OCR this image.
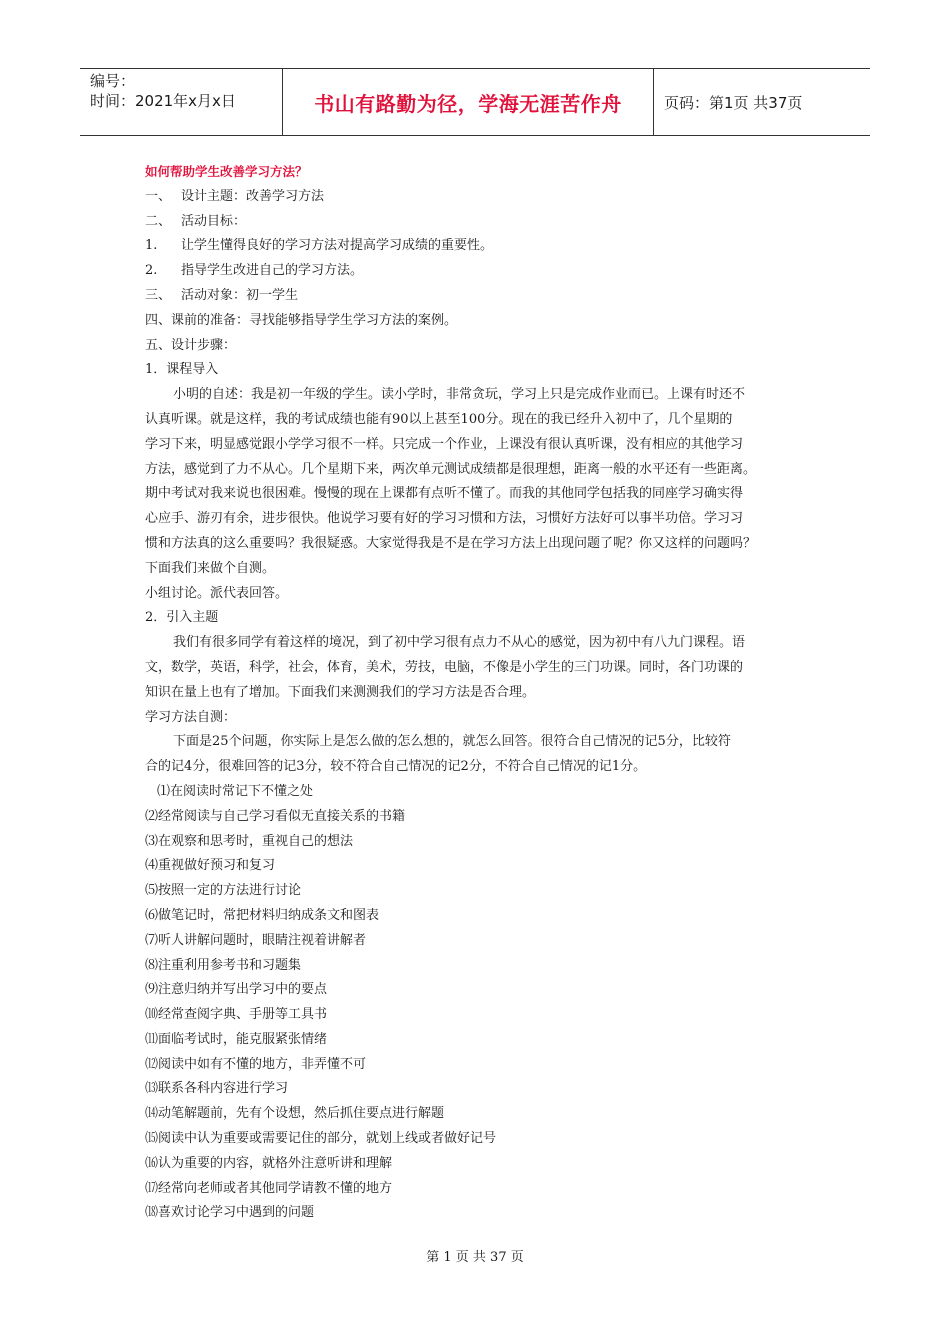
编号：
时间：2021年x月x日	书山有路勤为径，学海无涯苦作舟	页码：第1页 共37页
如何帮助学生改善学习方法？
一、 设计主题：改善学习方法
二、 活动目标：
1. 让学生懂得良好的学习方法对提高学习成绩的重要性。
2. 指导学生改进自己的学习方法。
三、 活动对象：初一学生
四、课前的准备：寻找能够指导学生学习方法的案例。
五、设计步骤：
1．课程导入
小明的自述：我是初一年级的学生。读小学时，非常贪玩，学习上只是完成作业而已。上课有时还不
认真听课。就是这样，我的考试成绩也能有90以上甚至100分。现在的我已经升入初中了，几个星期的
学习下来，明显感觉跟小学学习很不一样。只完成一个作业，上课没有很认真听课，没有相应的其他学习
方法，感觉到了力不从心。几个星期下来，两次单元测试成绩都是很理想，距离一般的水平还有一些距离。
期中考试对我来说也很困难。慢慢的现在上课都有点听不懂了。而我的其他同学包括我的同座学习确实得
心应手、游刃有余，进步很快。他说学习要有好的学习习惯和方法，习惯好方法好可以事半功倍。学习习
惯和方法真的这么重要吗？我很疑惑。大家觉得我是不是在学习方法上出现问题了呢？你又这样的问题吗？
下面我们来做个自测。
小组讨论。派代表回答。
2．引入主题
我们有很多同学有着这样的境况，到了初中学习很有点力不从心的感觉，因为初中有八九门课程。语
文，数学，英语，科学，社会，体育，美术，劳技，电脑，不像是小学生的三门功课。同时，各门功课的
知识在量上也有了增加。下面我们来测测我们的学习方法是否合理。
学习方法自测：
下面是25个问题，你实际上是怎么做的怎么想的，就怎么回答。很符合自己情况的记5分，比较符
合的记4分，很难回答的记3分，较不符合自己情况的记2分，不符合自己情况的记1分。
⑴在阅读时常记下不懂之处
⑵经常阅读与自己学习看似无直接关系的书籍
⑶在观察和思考时，重视自己的想法
⑷重视做好预习和复习
⑸按照一定的方法进行讨论
⑹做笔记时，常把材料归纳成条文和图表
⑺听人讲解问题时，眼睛注视着讲解者
⑻注重利用参考书和习题集
⑼注意归纳并写出学习中的要点
⑽经常查阅字典、手册等工具书
⑾面临考试时，能克服紧张情绪
⑿阅读中如有不懂的地方，非弄懂不可
⒀联系各科内容进行学习
⒁动笔解题前，先有个设想，然后抓住要点进行解题
⒂阅读中认为重要或需要记住的部分，就划上线或者做好记号
⒃认为重要的内容，就格外注意听讲和理解
⒄经常向老师或者其他同学请教不懂的地方
⒅喜欢讨论学习中遇到的问题
第 1 页 共 37 页
